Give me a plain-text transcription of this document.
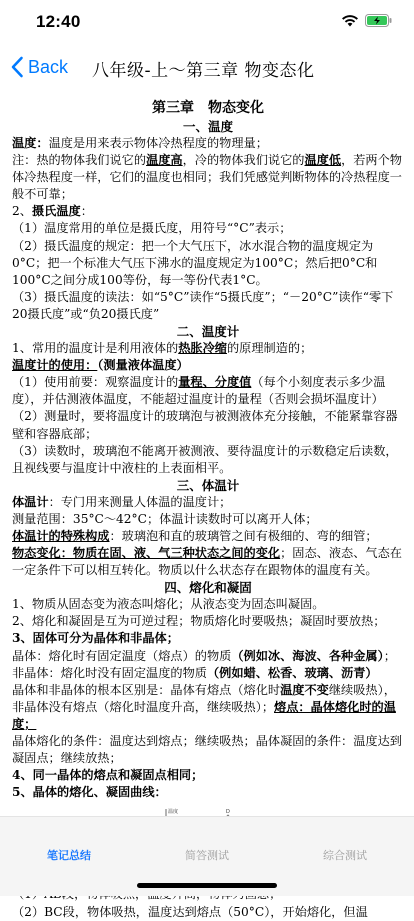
12:40
Back 八年级-上～第三章 物变态化

第三章　物态变化

一、温度

温度：温度是用来表示物体冷热程度的物理量；

注：热的物体我们说它的温度高，冷的物体我们说它的温度低，若两个物体冷热程度一样，它们的温度也相同；我们凭感觉判断物体的冷热程度一般不可靠；

2、摄氏温度：

（1）温度常用的单位是摄氏度，用符号“°C”表示；

（2）摄氏温度的规定：把一个大气压下，冰水混合物的温度规定为0°C；把一个标准大气压下沸水的温度规定为100°C；然后把0°C和100°C之间分成100等份，每一等份代表1°C。

（3）摄氏温度的读法：如“5°C”读作“5摄氏度”；“－20°C”读作“零下20摄氏度”或“负20摄氏度”

二、温度计

1、常用的温度计是利用液体的热胀冷缩的原理制造的；

温度计的使用：（测量液体温度）

（1）使用前要：观察温度计的量程、分度值（每个小刻度表示多少温度），并估测液体温度，不能超过温度计的量程（否则会损坏温度计）

（2）测量时，要将温度计的玻璃泡与被测液体充分接触，不能紧靠容器壁和容器底部；

（3）读数时，玻璃泡不能离开被测液、要待温度计的示数稳定后读数，且视线要与温度计中液柱的上表面相平。

三、体温计

体温计：专门用来测量人体温的温度计；

测量范围：35°C～42°C；体温计读数时可以离开人体；

体温计的特殊构成：玻璃泡和直的玻璃管之间有极细的、弯的细管；

物态变化：物质在固、液、气三种状态之间的变化；固态、液态、气态在一定条件下可以相互转化。物质以什么状态存在跟物体的温度有关。

四、熔化和凝固

1、物质从固态变为液态叫熔化；从液态变为固态叫凝固。

2、熔化和凝固是互为可逆过程；物质熔化时要吸热；凝固时要放热；

3、固体可分为晶体和非晶体；

晶体：熔化时有固定温度（熔点）的物质（例如冰、海波、各种金属）；非晶体：熔化时没有固定温度的物质（例如蜡、松香、玻璃、沥青）

晶体和非晶体的根本区别是：晶体有熔点（熔化时温度不变继续吸热），非晶体没有熔点（熔化时温度升高，继续吸热）；熔点：晶体熔化时的温度；

晶体熔化的条件：温度达到熔点；继续吸热；晶体凝固的条件：温度达到凝固点；继续放热；

4、同一晶体的熔点和凝固点相同；

5、晶体的熔化、凝固曲线：

温度	D

（2）BC段，物体吸热，温度达到熔点（50°C），开始熔化，但温

笔记总结	简答测试	综合测试
